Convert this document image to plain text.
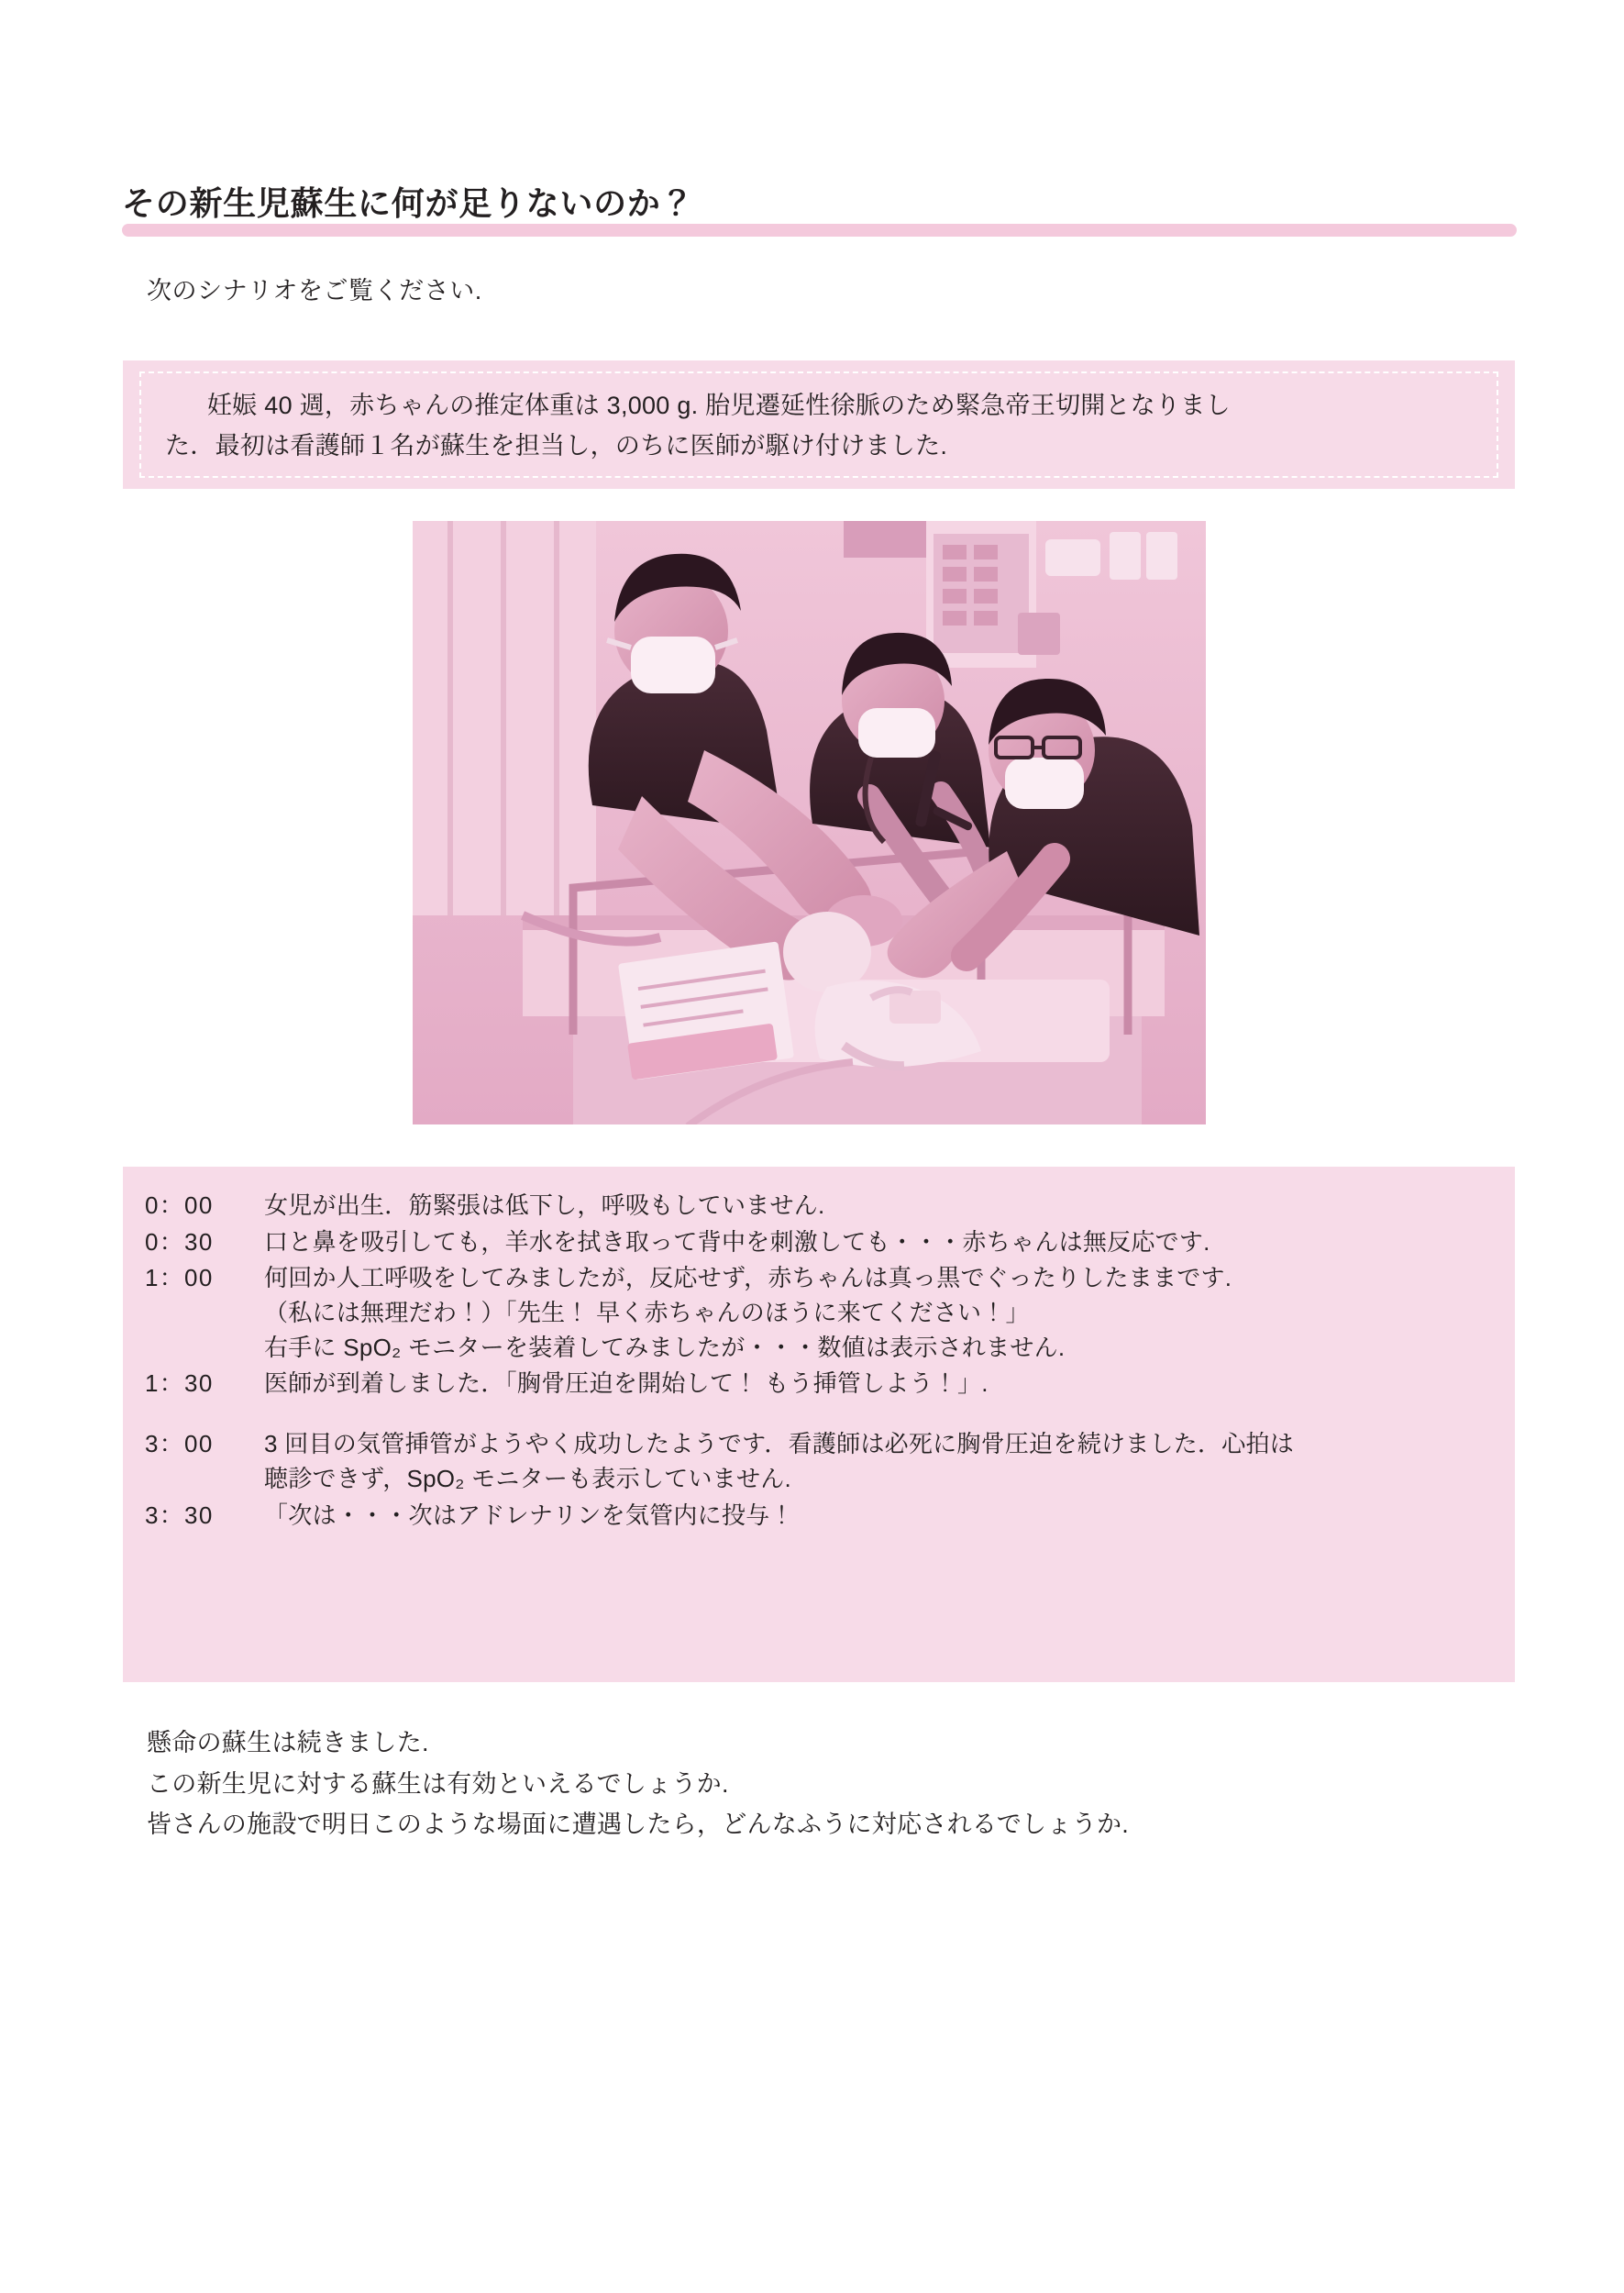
その新生児蘇生に何が足りないのか？
次のシナリオをご覧ください.
妊娠 40 週，赤ちゃんの推定体重は 3,000 g. 胎児遷延性徐脈のため緊急帝王切開となりまし
た．最初は看護師１名が蘇生を担当し，のちに医師が駆け付けました.
0：00	女児が出生．筋緊張は低下し，呼吸もしていません.
0：30	口と鼻を吸引しても，羊水を拭き取って背中を刺激しても・・・赤ちゃんは無反応です.
1：00	何回か人工呼吸をしてみましたが，反応せず，赤ちゃんは真っ黒でぐったりしたままです.
（私には無理だわ！）「先生！ 早く赤ちゃんのほうに来てください！」
右手に SpO₂ モニターを装着してみましたが・・・数値は表示されません.
1：30	医師が到着しました．「胸骨圧迫を開始して！ もう挿管しよう！」.
3：00	3 回目の気管挿管がようやく成功したようです．看護師は必死に胸骨圧迫を続けました．心拍は
聴診できず，SpO₂ モニターも表示していません.
3：30	「次は・・・次はアドレナリンを気管内に投与！
懸命の蘇生は続きました.
この新生児に対する蘇生は有効といえるでしょうか.
皆さんの施設で明日このような場面に遭遇したら，どんなふうに対応されるでしょうか.
